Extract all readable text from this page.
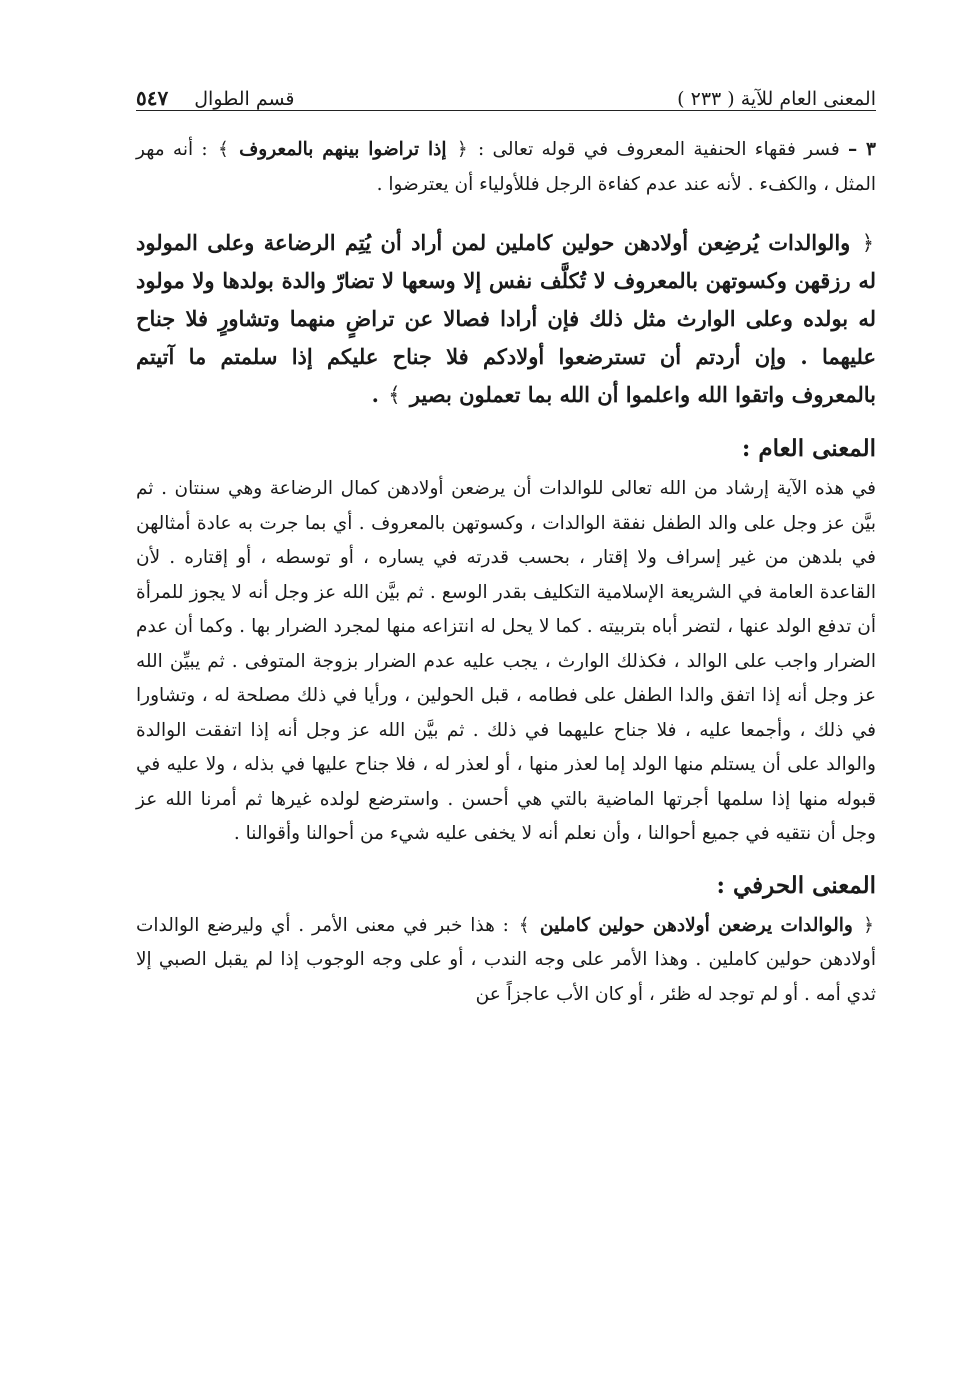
المعنى العام للآية ( ٢٣٣ )
٥٤٧ قسم الطوال

٣ – فسر فقهاء الحنفية المعروف في قوله تعالى : ﴿ إذا تراضوا بينهم بالمعروف ﴾ : أنه مهر المثل ، والكفء . لأنه عند عدم كفاءة الرجل فللأولياء أن يعترضوا .

﴿ والوالدات يُرضِعن أولادهن حولين كاملين لمن أراد أن يُتِم الرضاعة وعلى المولود له رزقهن وكسوتهن بالمعروف لا تُكلَّف نفس إلا وسعها لا تضارّ والدة بولدها ولا مولود له بولده وعلى الوارث مثل ذلك فإن أرادا فصالا عن تراضٍ منهما وتشاورٍ فلا جناح عليهما . وإن أردتم أن تسترضعوا أولادكم فلا جناح عليكم إذا سلمتم ما آتيتم بالمعروف واتقوا الله واعلموا أن الله بما تعملون بصير ﴾ .

المعنى العام :

في هذه الآية إرشاد من الله تعالى للوالدات أن يرضعن أولادهن كمال الرضاعة وهي سنتان . ثم بيَّن عز وجل على والد الطفل نفقة الوالدات ، وكسوتهن بالمعروف . أي بما جرت به عادة أمثالهن في بلدهن من غير إسراف ولا إقتار ، بحسب قدرته في يساره ، أو توسطه ، أو إقتاره . لأن القاعدة العامة في الشريعة الإسلامية التكليف بقدر الوسع . ثم بيَّن الله عز وجل أنه لا يجوز للمرأة أن تدفع الولد عنها ، لتضر أباه بتربيته . كما لا يحل له انتزاعه منها لمجرد الضرار بها . وكما أن عدم الضرار واجب على الوالد ، فكذلك الوارث ، يجب عليه عدم الضرار بزوجة المتوفى . ثم يبيِّن الله عز وجل أنه إذا اتفق والدا الطفل على فطامه ، قبل الحولين ، ورأيا في ذلك مصلحة له ، وتشاورا في ذلك ، وأجمعا عليه ، فلا جناح عليهما في ذلك . ثم بيَّن الله عز وجل أنه إذا اتفقت الوالدة والوالد على أن يستلم منها الولد إما لعذر منها ، أو لعذر له ، فلا جناح عليها في بذله ، ولا عليه في قبوله منها إذا سلمها أجرتها الماضية بالتي هي أحسن . واسترضع لولده غيرها ثم أمرنا الله عز وجل أن نتقيه في جميع أحوالنا ، وأن نعلم أنه لا يخفى عليه شيء من أحوالنا وأقوالنا .

المعنى الحرفي :

﴿ والوالدات يرضعن أولادهن حولين كاملين ﴾ : هذا خبر في معنى الأمر . أي وليرضع الوالدات أولادهن حولين كاملين . وهذا الأمر على وجه الندب ، أو على وجه الوجوب إذا لم يقبل الصبي إلا ثدي أمه . أو لم توجد له ظئر ، أو كان الأب عاجزاً عن
